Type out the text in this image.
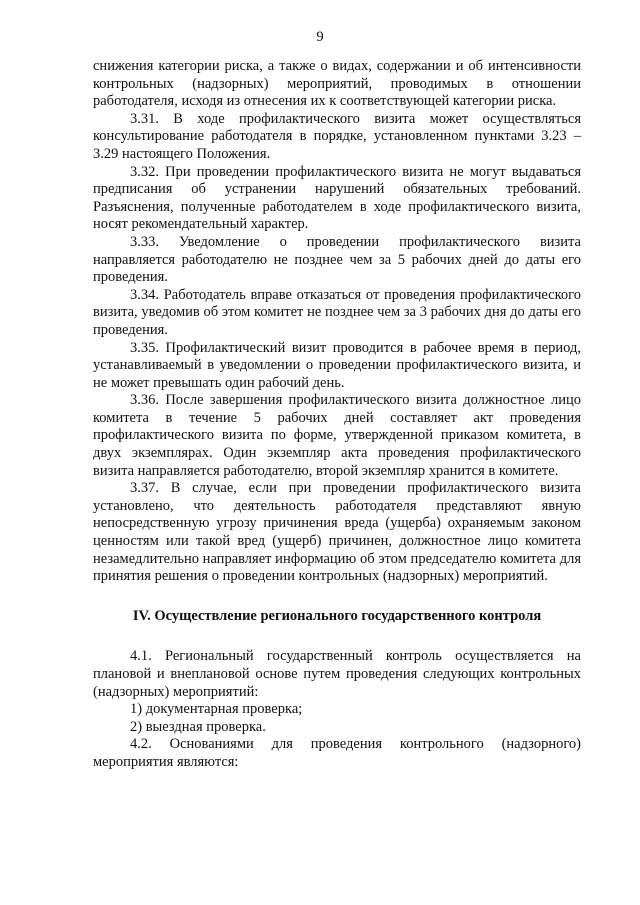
9

снижения категории риска, а также о видах, содержании и об интенсивности контрольных (надзорных) мероприятий, проводимых в отношении работодателя, исходя из отнесения их к соответствующей категории риска.

3.31. В ходе профилактического визита может осуществляться консультирование работодателя в порядке, установленном пунктами 3.23 – 3.29 настоящего Положения.

3.32. При проведении профилактического визита не могут выдаваться предписания об устранении нарушений обязательных требований. Разъяснения, полученные работодателем в ходе профилактического визита, носят рекомендательный характер.

3.33. Уведомление о проведении профилактического визита направляется работодателю не позднее чем за 5 рабочих дней до даты его проведения.

3.34. Работодатель вправе отказаться от проведения профилактического визита, уведомив об этом комитет не позднее чем за 3 рабочих дня до даты его проведения.

3.35. Профилактический визит проводится в рабочее время в период, устанавливаемый в уведомлении о проведении профилактического визита, и не может превышать один рабочий день.

3.36. После завершения профилактического визита должностное лицо комитета в течение 5 рабочих дней составляет акт проведения профилактического визита по форме, утвержденной приказом комитета, в двух экземплярах. Один экземпляр акта проведения профилактического визита направляется работодателю, второй экземпляр хранится в комитете.

3.37. В случае, если при проведении профилактического визита установлено, что деятельность работодателя представляют явную непосредственную угрозу причинения вреда (ущерба) охраняемым законом ценностям или такой вред (ущерб) причинен, должностное лицо комитета незамедлительно направляет информацию об этом председателю комитета для принятия решения о проведении контрольных (надзорных) мероприятий.

IV. Осуществление регионального государственного контроля

4.1. Региональный государственный контроль осуществляется на плановой и внеплановой основе путем проведения следующих контрольных (надзорных) мероприятий:

1) документарная проверка;

2) выездная проверка.

4.2. Основаниями для проведения контрольного (надзорного) мероприятия являются:
